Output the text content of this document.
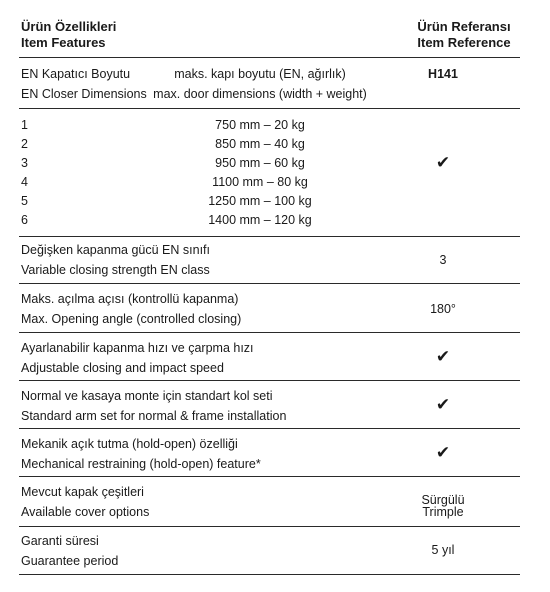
Ürün Özellikleri
Item Features
Ürün Referansı
Item Reference
EN Kapatıcı Boyutu
EN Closer Dimensions
maks. kapı boyutu (EN, ağırlık)
max. door dimensions (width + weight)
H141
1
2
3
4
5
6
750 mm – 20 kg
850 mm – 40 kg
950 mm – 60 kg
1100 mm – 80 kg
1250 mm – 100 kg
1400 mm – 120 kg
✔
Değişken kapanma gücü EN sınıfı
Variable closing strength EN class
3
Maks. açılma açısı (kontrollü kapanma)
Max. Opening angle (controlled closing)
180°
Ayarlanabilir kapanma hızı ve çarpma hızı
Adjustable closing and impact speed
✔
Normal ve kasaya monte için standart kol seti
Standard arm set for normal & frame installation
✔
Mekanik açık tutma (hold-open) özelliği
Mechanical restraining (hold-open) feature*
✔
Mevcut kapak çeşitleri
Available cover options
Sürgülü
Trimple
Garanti süresi
Guarantee period
5 yıl
